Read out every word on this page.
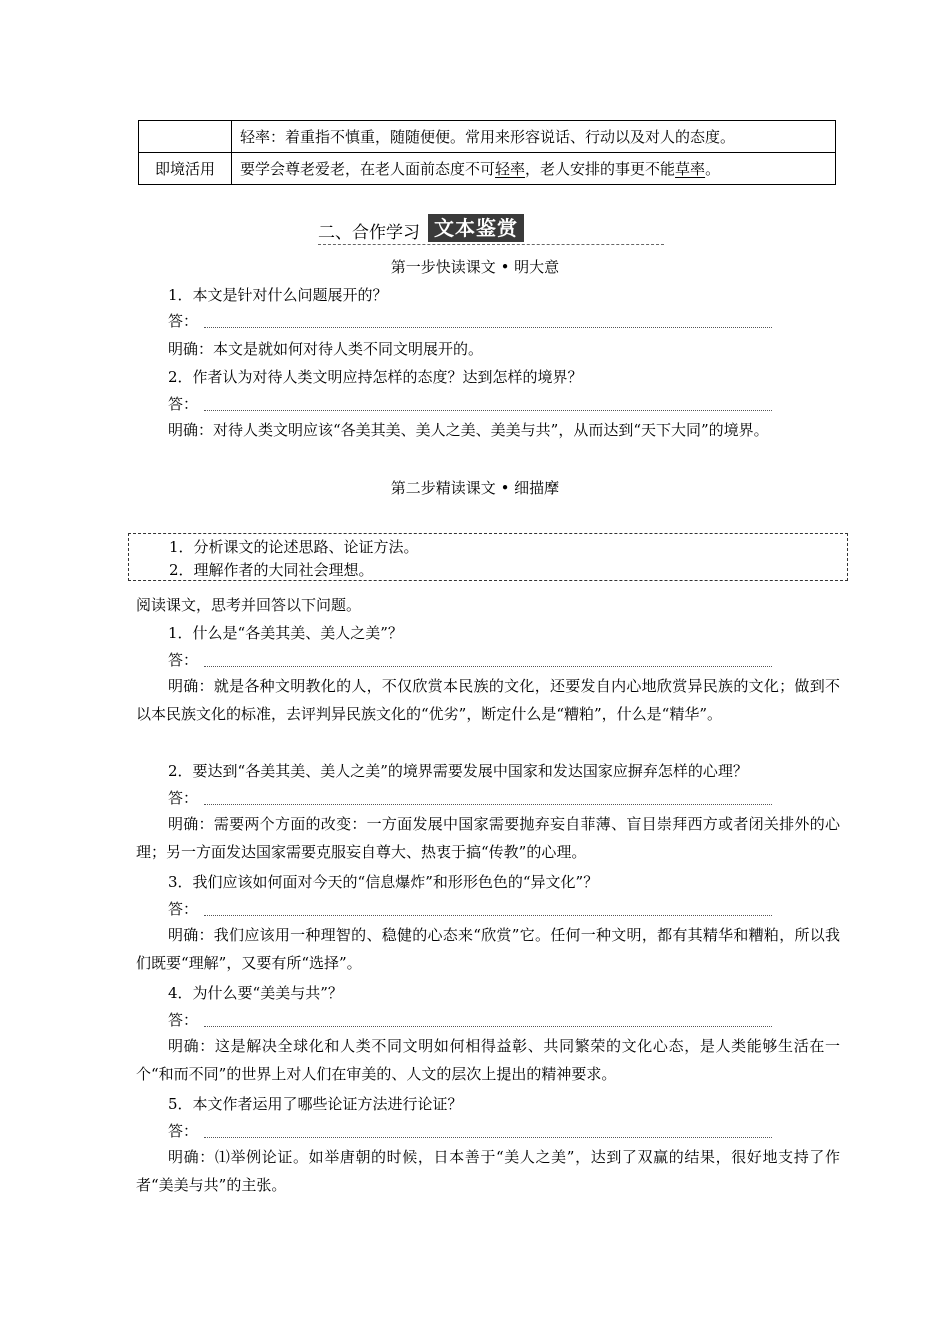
	轻率：着重指不慎重，随随便便。常用来形容说话、行动以及对人的态度。
即境活用	要学会尊老爱老，在老人面前态度不可轻率，老人安排的事更不能草率。
二、合作学习 文本鉴赏
第一步快读课文 • 明大意
1．本文是针对什么问题展开的？
答：
明确：本文是就如何对待人类不同文明展开的。
2．作者认为对待人类文明应持怎样的态度？达到怎样的境界？
答：
明确：对待人类文明应该“各美其美、美人之美、美美与共”，从而达到“天下大同”的境界。
第二步精读课文 • 细描摩
1．分析课文的论述思路、论证方法。
2．理解作者的大同社会理想。
阅读课文，思考并回答以下问题。
1．什么是“各美其美、美人之美”？
答：
明确：就是各种文明教化的人，不仅欣赏本民族的文化，还要发自内心地欣赏异民族的文化；做到不以本民族文化的标准，去评判异民族文化的“优劣”，断定什么是“糟粕”，什么是“精华”。
2．要达到“各美其美、美人之美”的境界需要发展中国家和发达国家应摒弃怎样的心理？
答：
明确：需要两个方面的改变：一方面发展中国家需要抛弃妄自菲薄、盲目崇拜西方或者闭关排外的心理；另一方面发达国家需要克服妄自尊大、热衷于搞“传教”的心理。
3．我们应该如何面对今天的“信息爆炸”和形形色色的“异文化”？
答：
明确：我们应该用一种理智的、稳健的心态来“欣赏”它。任何一种文明，都有其精华和糟粕，所以我们既要“理解”，又要有所“选择”。
4．为什么要“美美与共”？
答：
明确：这是解决全球化和人类不同文明如何相得益彰、共同繁荣的文化心态，是人类能够生活在一个“和而不同”的世界上对人们在审美的、人文的层次上提出的精神要求。
5．本文作者运用了哪些论证方法进行论证？
答：
明确：⑴举例论证。如举唐朝的时候，日本善于“美人之美”，达到了双赢的结果，很好地支持了作者“美美与共”的主张。
